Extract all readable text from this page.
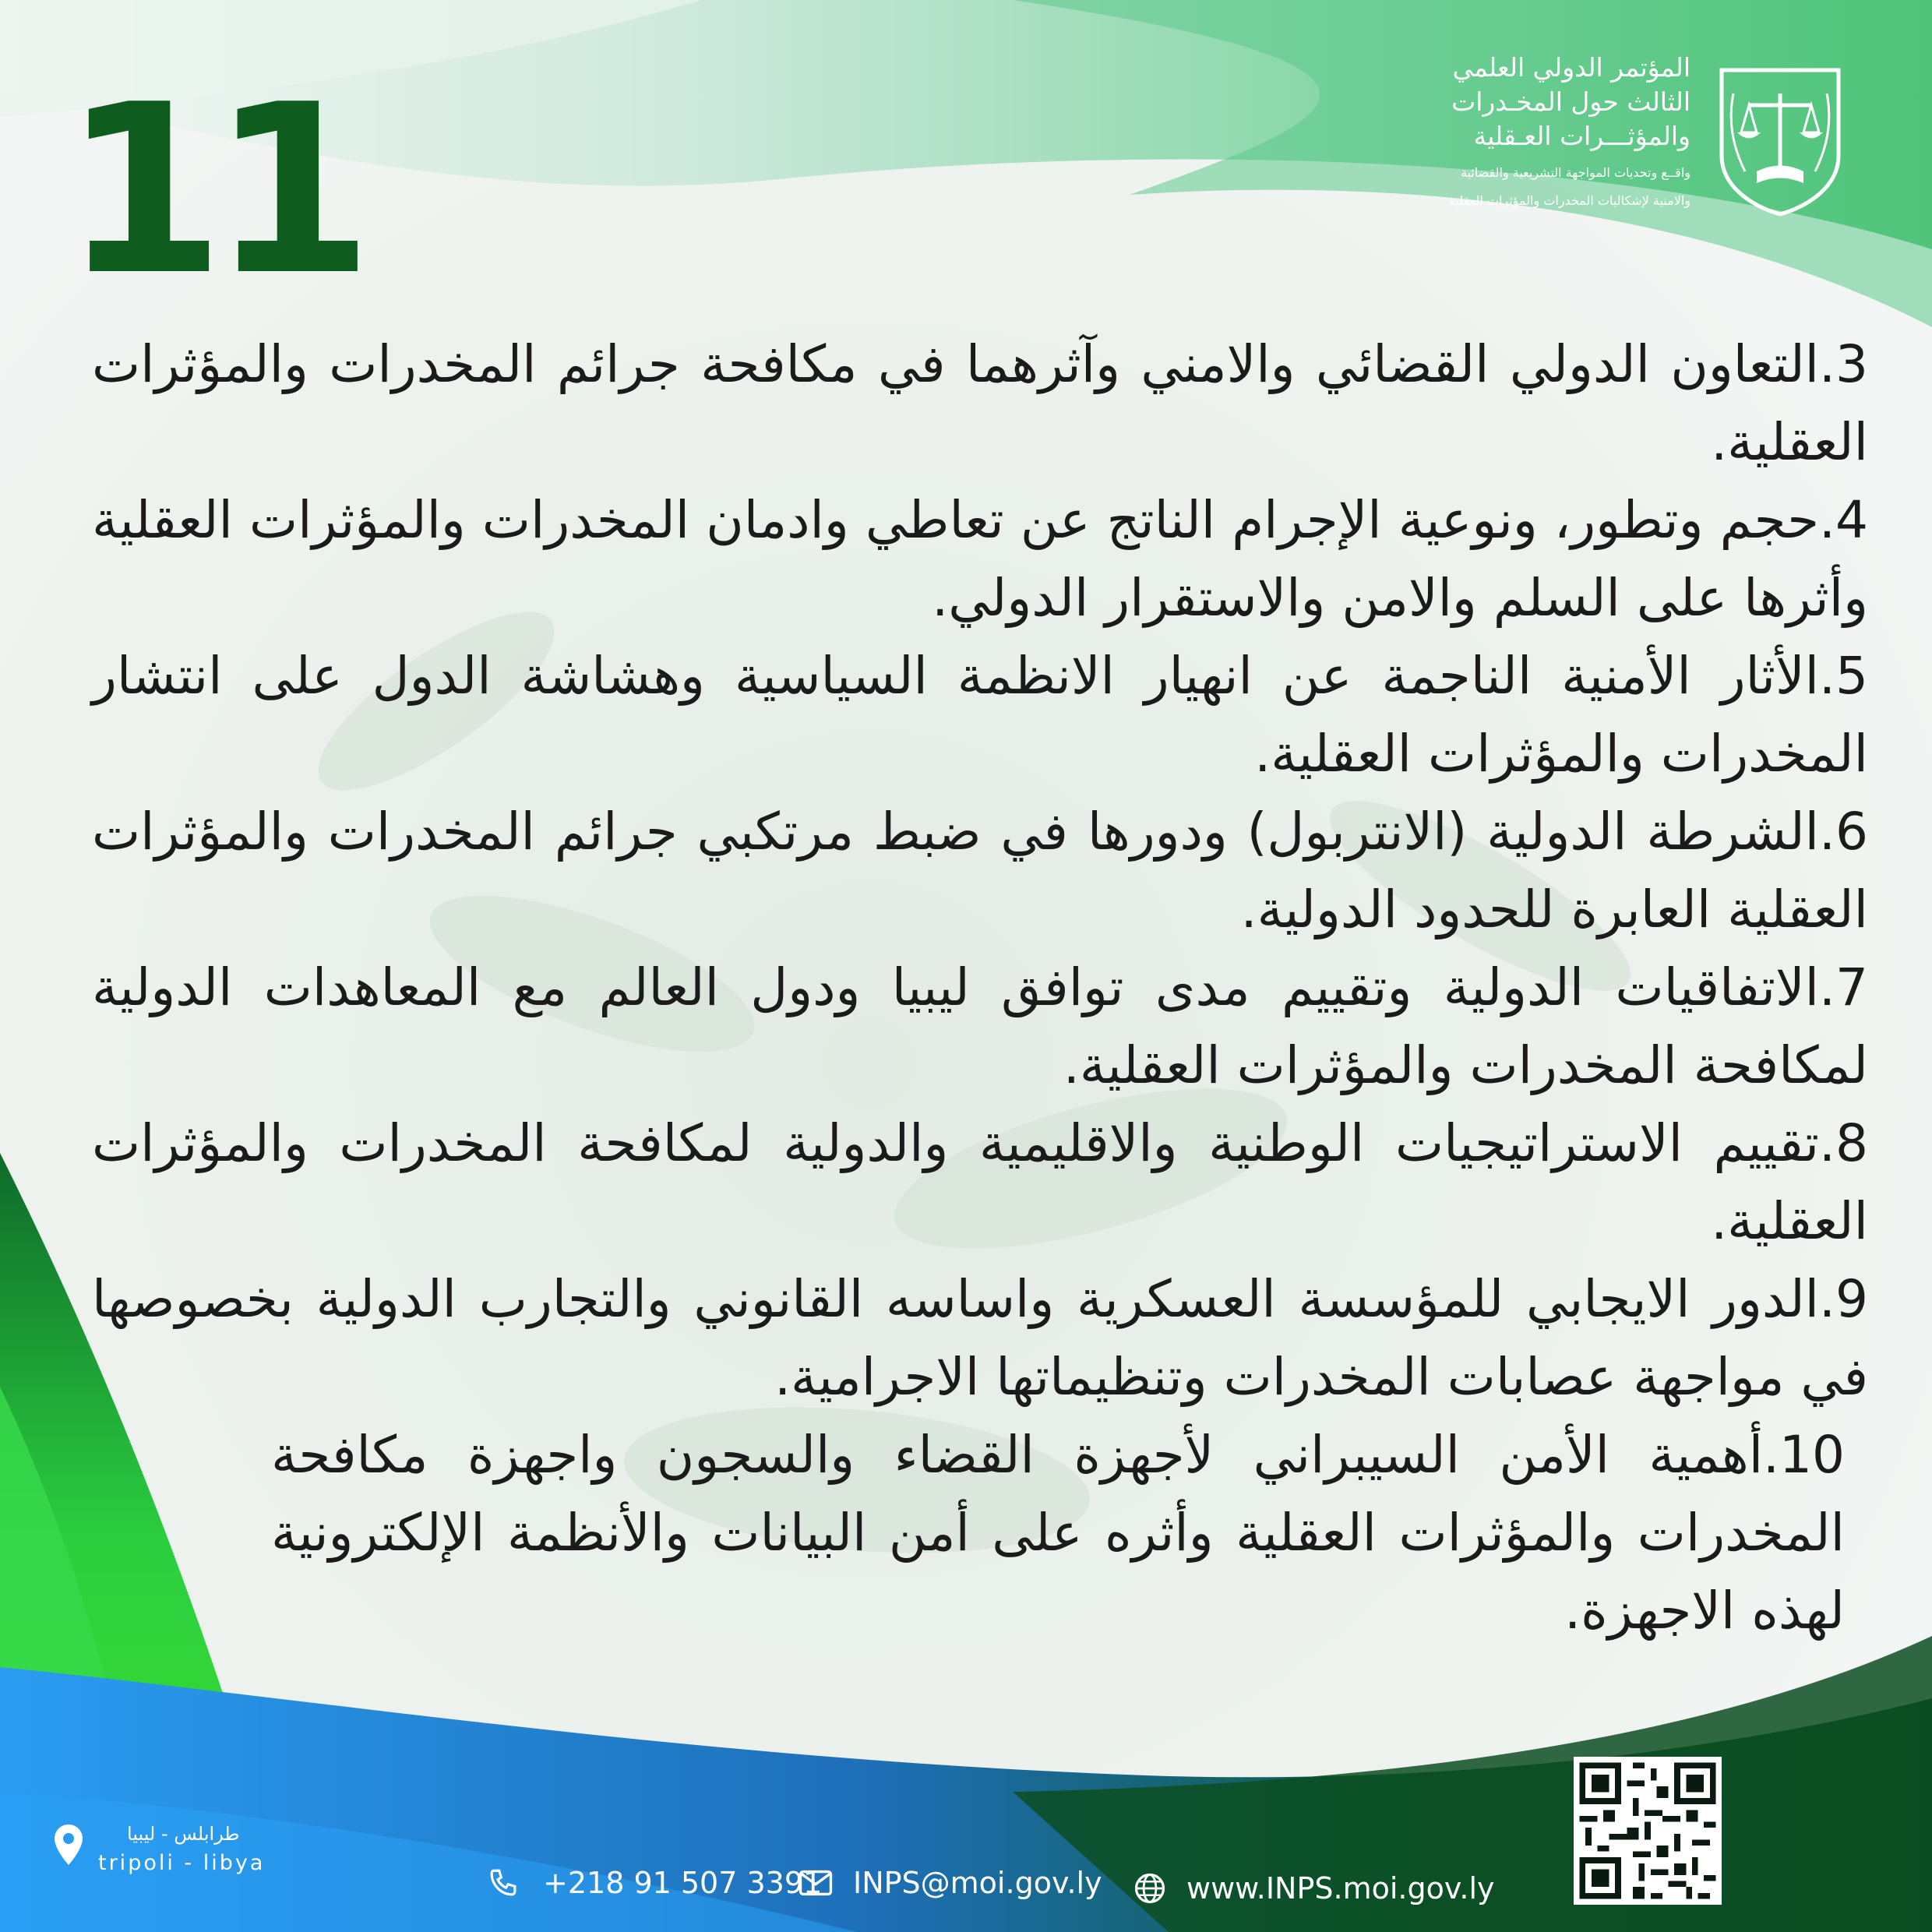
11	المؤتمر الدولي العلمي
الثالث حول المخـدرات
والمؤثـــرات العـقلية
واقــع وتحديات المواجهة التشريعية والقضائية
والامنية لإشكاليات المخدرات والمؤثرات العقلية

3.التعاون الدولي القضائي والامني وآثرهما في مكافحة جرائم المخدرات والمؤثرات العقلية.

4.حجم وتطور، ونوعية الإجرام الناتج عن تعاطي وادمان المخدرات والمؤثرات العقلية وأثرها على السلم والامن والاستقرار الدولي.

5.الأثار الأمنية الناجمة عن انهيار الانظمة السياسية وهشاشة الدول على انتشار المخدرات والمؤثرات العقلية.

6.الشرطة الدولية (الانتربول) ودورها في ضبط مرتكبي جرائم المخدرات والمؤثرات العقلية العابرة للحدود الدولية.

7.الاتفاقيات الدولية وتقييم مدى توافق ليبيا ودول العالم مع المعاهدات الدولية لمكافحة المخدرات والمؤثرات العقلية.

8.تقييم الاستراتيجيات الوطنية والاقليمية والدولية لمكافحة المخدرات والمؤثرات العقلية.

9.الدور الايجابي للمؤسسة العسكرية واساسه القانوني والتجارب الدولية بخصوصها في مواجهة عصابات المخدرات وتنظيماتها الاجرامية.

10.أهمية الأمن السيبراني لأجهزة القضاء والسجون واجهزة مكافحة المخدرات والمؤثرات العقلية وأثره على أمن البيانات والأنظمة الإلكترونية لهذه الاجهزة.

طرابلس - ليبيا
tripoli - libya
+218 91 507 3391 INPS@moi.gov.ly	www.INPS.moi.gov.ly
